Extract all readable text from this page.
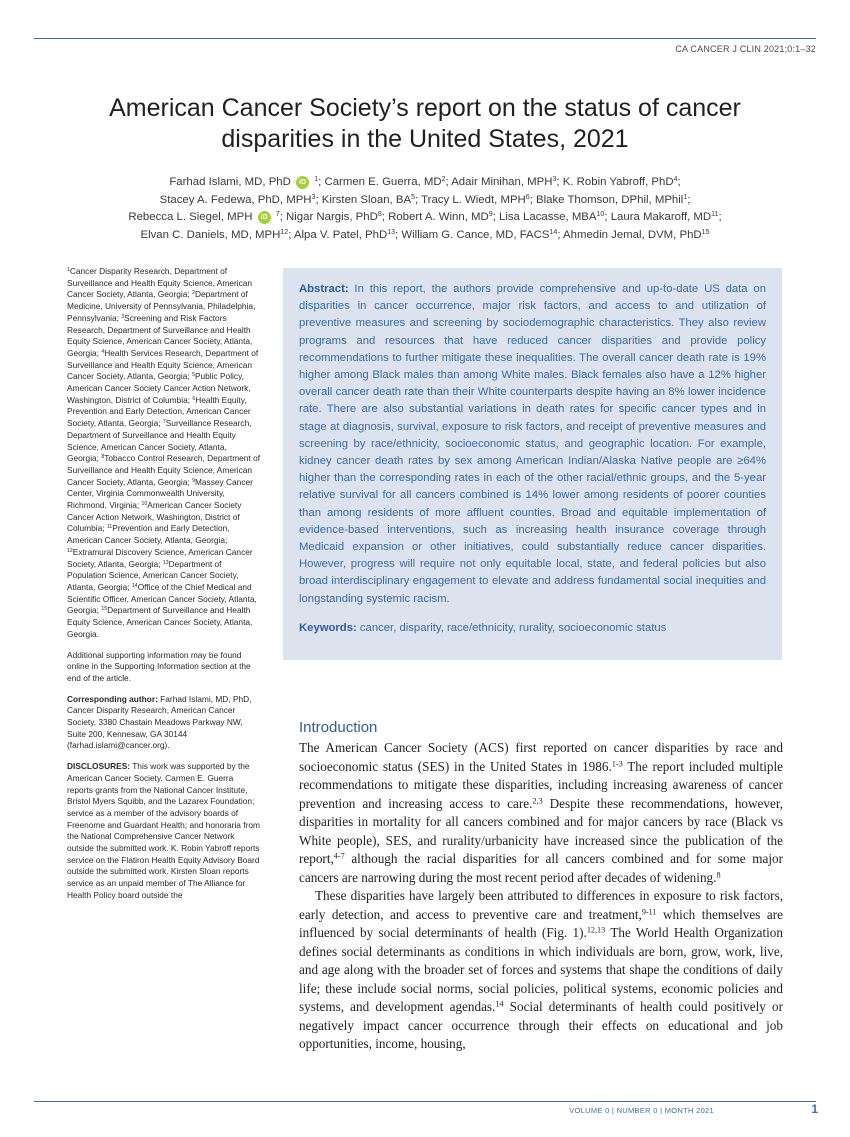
CA CANCER J CLIN 2021;0:1–32
American Cancer Society’s report on the status of cancer disparities in the United States, 2021

Farhad Islami, MD, PhD iD $^1$; Carmen E. Guerra, $MD^2$; Adair Minihan, MPH$^3$; K. Robin Yabroff, PhD$^4$;

Stacey A. Fedewa, PhD, MPH$^3$; Kirsten Sloan, $BA^5$; Tracy L. Wiedt, MPH$^6$; Blake Thomson, DPhil, MPhil$^1$;

Rebecca L. Siegel, MPH iD $^7$; Nigar Nargis, PhD$^8$; Robert A. Winn, $MD^9$; Lisa Lacasse, MBA$^{10}$; Laura Makaroff, MD$^{11}$;

Elvan C. Daniels, MD, MPH$^{12}$; Alpa V. Patel, PhD$^{13}$; William G. Cance, MD, FACS$^{14}$; Ahmedin Jemal, DVM, PhD$^{15}$

$^1$Cancer Disparity Research, Department of Surveillance and Health Equity Science, American Cancer Society, Atlanta, Georgia; $^2$Department of Medicine, University of Pennsylvania, Philadelphia, Pennsylvania; $^3$Screening and Risk Factors Research, Department of Surveillance and Health Equity Science, American Cancer Society, Atlanta, Georgia; $^4$Health Services Research, Department of Surveillance and Health Equity Science, American Cancer Society, Atlanta, Georgia; $^5$Public Policy, American Cancer Society Cancer Action Network, Washington, District of Columbia; $^6$Health Equity, Prevention and Early Detection, American Cancer Society, Atlanta, Georgia; $^7$Surveillance Research, Department of Surveillance and Health Equity Science, American Cancer Society, Atlanta, Georgia; $^8$Tobacco Control Research, Department of Surveillance and Health Equity Science, American Cancer Society, Atlanta, Georgia; $^9$Massey Cancer Center, Virginia Commonwealth University, Richmond, Virginia; $^{10}$American Cancer Society Cancer Action Network, Washington, District of Columbia; $^{11}$Prevention and Early Detection, American Cancer Society, Atlanta, Georgia; $^{12}$Extramural Discovery Science, American Cancer Society, Atlanta, Georgia; $^{13}$Department of Population Science, American Cancer Society, Atlanta, Georgia; $^{14}$Office of the Chief Medical and Scientific Officer, American Cancer Society, Atlanta, Georgia; $^{15}$Department of Surveillance and Health Equity Science, American Cancer Society, Atlanta, Georgia.

Additional supporting information may be found online in the Supporting Information section at the end of the article.

Corresponding author: Farhad Islami, MD, PhD, Cancer Disparity Research, American Cancer Society, 3380 Chastain Meadows Parkway NW, Suite 200, Kennesaw, GA 30144 (farhad.islami@cancer.org).

DISCLOSURES: This work was supported by the American Cancer Society. Carmen E. Guerra reports grants from the National Cancer Institute, Bristol Myers Squibb, and the Lazarex Foundation; service as a member of the advisory boards of Freenome and Guardant Health; and honoraria from the National Comprehensive Cancer Network outside the submitted work. K. Robin Yabroff reports service on the Flatiron Health Equity Advisory Board outside the submitted work. Kirsten Sloan reports service as an unpaid member of The Alliance for Health Policy board outside the

Abstract: In this report, the authors provide comprehensive and up-to-date US data on disparities in cancer occurrence, major risk factors, and access to and utilization of preventive measures and screening by sociodemographic characteristics. They also review programs and resources that have reduced cancer disparities and provide policy recommendations to further mitigate these inequalities. The overall cancer death rate is 19% higher among Black males than among White males. Black females also have a 12% higher overall cancer death rate than their White counterparts despite having an 8% lower incidence rate. There are also substantial variations in death rates for specific cancer types and in stage at diagnosis, survival, exposure to risk factors, and receipt of preventive measures and screening by race/ethnicity, socioeconomic status, and geographic location. For example, kidney cancer death rates by sex among American Indian/Alaska Native people are ≥64% higher than the corresponding rates in each of the other racial/ethnic groups, and the 5-year relative survival for all cancers combined is 14% lower among residents of poorer counties than among residents of more affluent counties. Broad and equitable implementation of evidence-based interventions, such as increasing health insurance coverage through Medicaid expansion or other initiatives, could substantially reduce cancer disparities. However, progress will require not only equitable local, state, and federal policies but also broad interdisciplinary engagement to elevate and address fundamental social inequities and longstanding systemic racism.

Keywords: cancer, disparity, race/ethnicity, rurality, socioeconomic status

Introduction

The American Cancer Society (ACS) first reported on cancer disparities by race and socioeconomic status (SES) in the United States in 1986.$^{1-3}$ The report included multiple recommendations to mitigate these disparities, including increasing awareness of cancer prevention and increasing access to care.$^{2,3}$ Despite these recommendations, however, disparities in mortality for all cancers combined and for major cancers by race (Black vs White people), SES, and rurality/urbanicity have increased since the publication of the report,$^{4-7}$ although the racial disparities for all cancers combined and for some major cancers are narrowing during the most recent period after decades of widening.$^8$

These disparities have largely been attributed to differences in exposure to risk factors, early detection, and access to preventive care and treatment,$^{9-11}$ which themselves are influenced by social determinants of health (Fig. 1).$^{12,13}$ The World Health Organization defines social determinants as conditions in which individuals are born, grow, work, live, and age along with the broader set of forces and systems that shape the conditions of daily life; these include social norms, social policies, political systems, economic policies and systems, and development agendas.$^{14}$ Social determinants of health could positively or negatively impact cancer occurrence through their effects on educational and job opportunities, income, housing,

VOLUME 0 | NUMBER 0 | MONTH 2021	1
